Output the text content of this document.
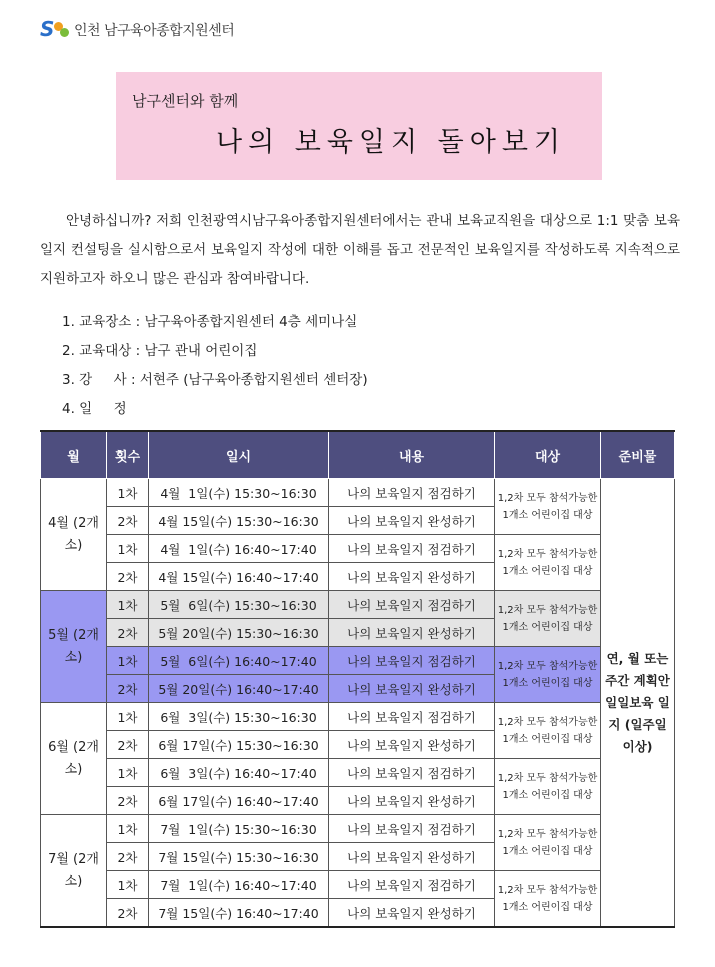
S 인천 남구육아종합지원센터
남구센터와 함께
나의 보육일지 돌아보기

안녕하십니까? 저희 인천광역시남구육아종합지원센터에서는 관내 보육교직원을 대상으로 1:1 맞춤 보육일지 컨설팅을 실시함으로서 보육일지 작성에 대한 이해를 돕고 전문적인 보육일지를 작성하도록 지속적으로 지원하고자 하오니 많은 관심과 참여바랍니다.

1. 교육장소 : 남구육아종합지원센터 4층 세미나실
2. 교육대상 : 남구 관내 어린이집
3. 강     사 : 서현주 (남구육아종합지원센터 센터장)
4. 일     정
월	횟수	일시	내용	대상	준비물
4월 (2개소)	1차	4월  1일(수) 15:30~16:30	나의 보육일지 점검하기	1,2차 모두 참석가능한 1개소 어린이집 대상	연, 월 또는 주간 계획안 일일보육 일지 (일주일 이상)
	2차	4월 15일(수) 15:30~16:30	나의 보육일지 완성하기		
	1차	4월  1일(수) 16:40~17:40	나의 보육일지 점검하기	1,2차 모두 참석가능한 1개소 어린이집 대상	
	2차	4월 15일(수) 16:40~17:40	나의 보육일지 완성하기		
5월 (2개소)	1차	5월  6일(수) 15:30~16:30	나의 보육일지 점검하기	1,2차 모두 참석가능한 1개소 어린이집 대상	
	2차	5월 20일(수) 15:30~16:30	나의 보육일지 완성하기		
	1차	5월  6일(수) 16:40~17:40	나의 보육일지 점검하기	1,2차 모두 참석가능한 1개소 어린이집 대상	
	2차	5월 20일(수) 16:40~17:40	나의 보육일지 완성하기		
6월 (2개소)	1차	6월  3일(수) 15:30~16:30	나의 보육일지 점검하기	1,2차 모두 참석가능한 1개소 어린이집 대상	
	2차	6월 17일(수) 15:30~16:30	나의 보육일지 완성하기		
	1차	6월  3일(수) 16:40~17:40	나의 보육일지 점검하기	1,2차 모두 참석가능한 1개소 어린이집 대상	
	2차	6월 17일(수) 16:40~17:40	나의 보육일지 완성하기		
7월 (2개소)	1차	7월  1일(수) 15:30~16:30	나의 보육일지 점검하기	1,2차 모두 참석가능한 1개소 어린이집 대상	
	2차	7월 15일(수) 15:30~16:30	나의 보육일지 완성하기		
	1차	7월  1일(수) 16:40~17:40	나의 보육일지 점검하기	1,2차 모두 참석가능한 1개소 어린이집 대상	
	2차	7월 15일(수) 16:40~17:40	나의 보육일지 완성하기		
